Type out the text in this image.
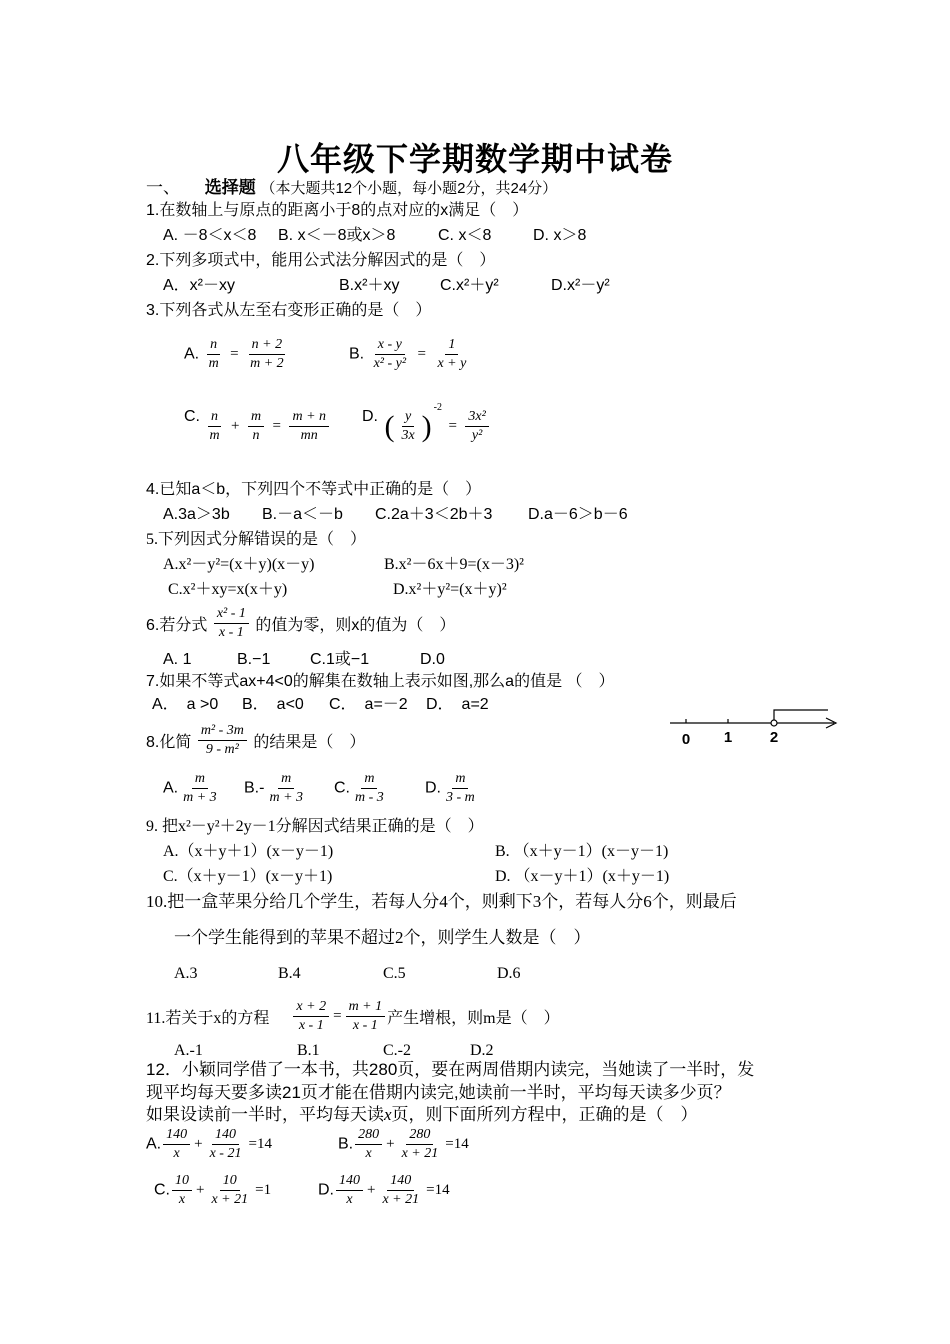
八年级下学期数学期中试卷
一、 选择题 （本大题共12个小题，每小题2分，共24分）
1.在数轴上与原点的距离小于8的点对应的x满足（　）
A. －8＜x＜8 B. x＜－8或x＞8	C. x＜8	D. x＞8
2.下列多项式中，能用公式法分解因式的是（　）
A．x²－xy	B.x²＋xy	C.x²＋y²	D.x²－y²
3.下列各式从左至右变形正确的是（　）
A. $\frac{n}{m} = \frac{n + 2}{m + 2}$	B. $\frac{x - y}{\text{x² - y²}} = \frac{1}{x + y}$
C. $\frac{n}{m} + \frac{m}{n} = \frac{m + n}{mn} D$. ( $\frac{y}{3x} )^{-2} = \frac{\text{3x²}}{\text{y²}}$
4.已知a＜b，下列四个不等式中正确的是（　）
A.3a＞3b B.－a＜－b C.2a＋3＜2b＋3 D.a－6＞b－6
5.下列因式分解错误的是（　）
A.x²－y²=(x＋y)(x－y)	B.x²－6x＋9=(x－3)²
C.x²＋xy=x(x＋y)	D.x²＋y²=(x＋y)²
6.若分式 $\frac{\text{x² - 1}}{x - 1}$ 的值为零，则x的值为（　）
A. 1	B.−1 C.1或−1	D.0
7.如果不等式ax+4<0的解集在数轴上表示如图,那么a的值是 （　）
A．　a >0 B．　a<0 C．　a=－2 D．　a=2
0 1	2
8.化简 $\frac{\text{m² - 3m}}{\text{9 - m²}}$ 的结果是（　）
A. $\frac{m}{m + 3} B.- \frac{m}{m + 3} C$. $\frac{m}{m - 3} D$. $\frac{m}{3 - m}$
9. 把x²－y²＋2y－1分解因式结果正确的是（　）
A.（x＋y＋1）(x－y－1)	B. （x＋y－1）(x－y－1)
C.（x＋y－1）(x－y＋1)	D. （x－y＋1）(x＋y－1)
10.把一盒苹果分给几个学生，若每人分4个，则剩下3个，若每人分6个，则最后
一个学生能得到的苹果不超过2个，则学生人数是（　）
A.3	B.4	C.5	D.6
11.若关于x的方程 $\frac{x + 2}{x - 1} = \frac{m + 1}{x - 1}$ 产生增根，则m是（　）
A.-1	B.1	C.-2	D.2
12．小颖同学借了一本书，共280页，要在两周借期内读完，当她读了一半时，发
现平均每天要多读21页才能在借期内读完,她读前一半时，平均每天读多少页？
如果设读前一半时，平均每天读x页，则下面所列方程中，正确的是（　）
A. $\frac{140}{x} + \frac{140}{x - 21} =14$	B. $\frac{280}{x} + \frac{280}{x + 21} =14$
C. $\frac{10}{x} + \frac{10}{x + 21} =1$	D. $\frac{140}{x} + \frac{140}{x + 21} =14$
